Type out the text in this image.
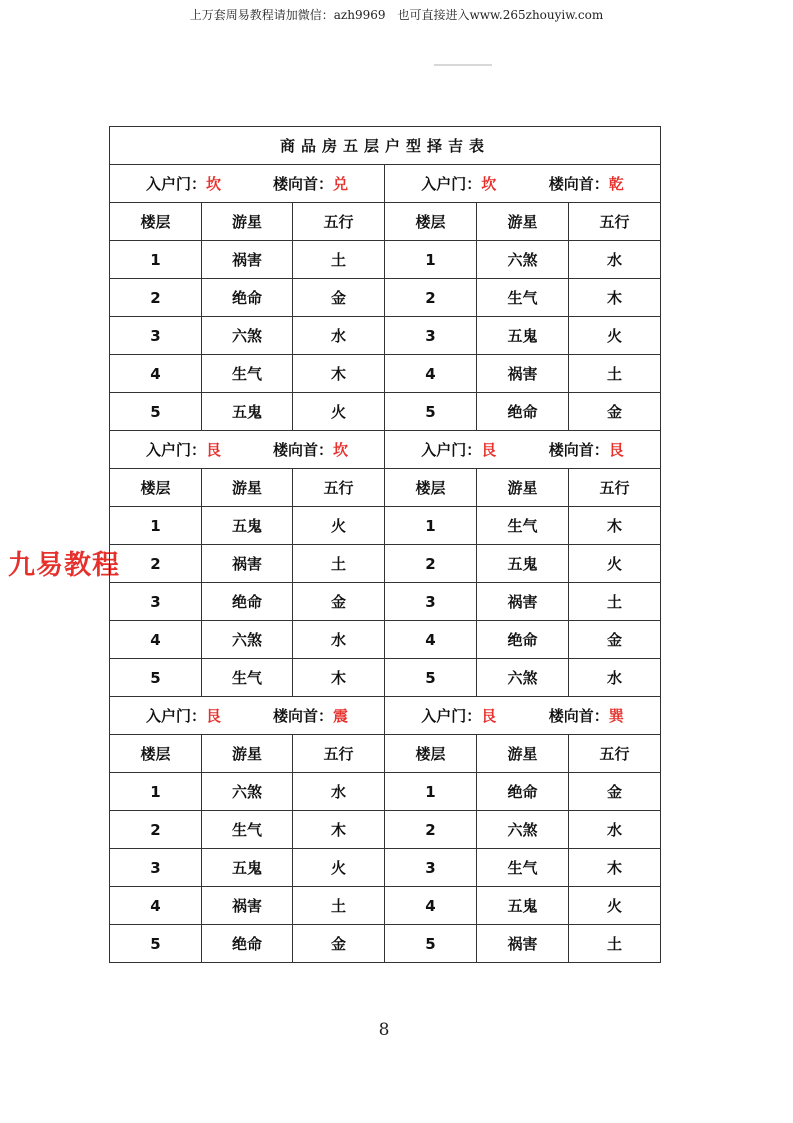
上万套周易教程请加微信：azh9969　也可直接进入www.265zhouyiw.com
九易教程
商品房五层户型择吉表					

入户门：坎 楼向首：兑			入户门：坎 楼向首：乾		

楼层	游星	五行	楼层	游星	五行
1	祸害	土	1	六煞	水
2	绝命	金	2	生气	木
3	六煞	水	3	五鬼	火
4	生气	木	4	祸害	土
5	五鬼	火	5	绝命	金

入户门：艮 楼向首：坎			入户门：艮 楼向首：艮		

楼层	游星	五行	楼层	游星	五行
1	五鬼	火	1	生气	木
2	祸害	土	2	五鬼	火
3	绝命	金	3	祸害	土
4	六煞	水	4	绝命	金
5	生气	木	5	六煞	水

入户门：艮 楼向首：震			入户门：艮 楼向首：巽		

楼层	游星	五行	楼层	游星	五行
1	六煞	水	1	绝命	金
2	生气	木	2	六煞	水
3	五鬼	火	3	生气	木
4	祸害	土	4	五鬼	火
5	绝命	金	5	祸害	土
8
